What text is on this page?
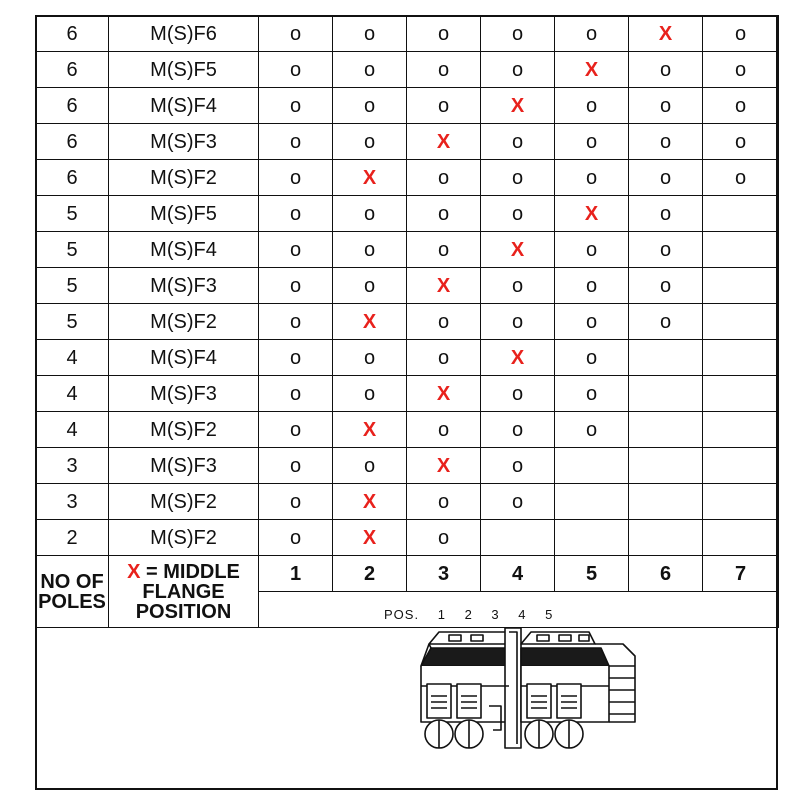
6	M(S)F6	o	o	o	o	o	X	o
6	M(S)F5	o	o	o	o	X	o	o
6	M(S)F4	o	o	o	X	o	o	o
6	M(S)F3	o	o	X	o	o	o	o
6	M(S)F2	o	X	o	o	o	o	o
5	M(S)F5	o	o	o	o	X	o	
5	M(S)F4	o	o	o	X	o	o	
5	M(S)F3	o	o	X	o	o	o	
5	M(S)F2	o	X	o	o	o	o	
4	M(S)F4	o	o	o	X	o		
4	M(S)F3	o	o	X	o	o		
4	M(S)F2	o	X	o	o	o		
3	M(S)F3	o	o	X	o			
3	M(S)F2	o	X	o	o			
2	M(S)F2	o	X	o				
NO OF
POLES	X = MIDDLE
FLANGE
POSITION	1	2	3	4	5	6	7

		POS. 1 2 3 4 5						
